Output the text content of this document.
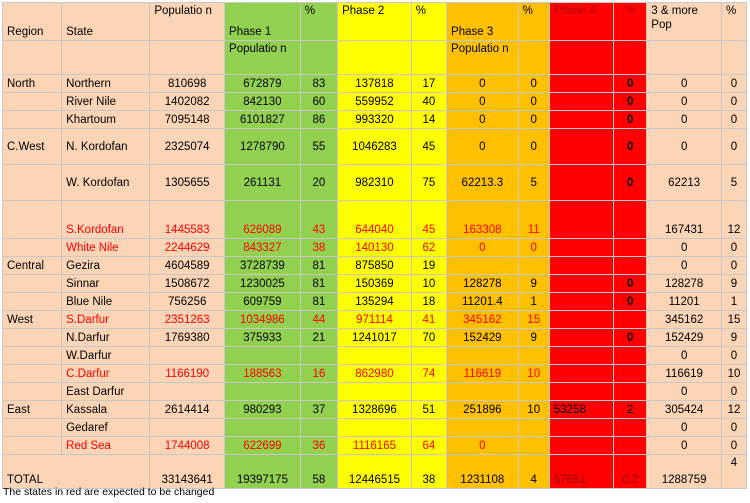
Region	State	Populatio n	Phase 1	%	Phase 2	%	Phase 3	%	Phase 4	%	3 & more Pop	%
			Populatio n				Populatio n					
North	Northern	810698	672879	83	137818	17	0	0	0	0	0	0
	River Nile	1402082	842130	60	559952	40	0	0	0	0	0	0
	Khartoum	7095148	6101827	86	993320	14	0	0	0	0	0	0
C.West	N. Kordofan	2325074	1278790	55	1046283	45	0	0	0	0	0	0
	W. Kordofan	1305655	261131	20	982310	75	62213.3	5	0	0	62213	5
	S.Kordofan	1445583	626089	43	644040	45	163308	11			167431	12
	White Nile	2244629	843327	38	140130	62	0	0	0	0	0	0
Central	Gezira	4604589	3728739	81	875850	19					0	0
	Sinnar	1508672	1230025	81	150369	10	128278	9	0	0	128278	9
	Blue Nile	756256	609759	81	135294	18	11201.4	1	0	0	11201	1
West	S.Darfur	2351263	1034986	44	971114	41	345162	15			345162	15
	N.Darfur	1769380	375933	21	1241017	70	152429	9	0	0	152429	9
	W.Darfur										0	0
	C.Darfur	1166190	188563	16	862980	74	116619	10			116619	10
	East Darfur										0	0
East	Kassala	2614414	980293	37	1328696	51	251896	10	53258	2	305424	12
	Gedaref										0	0
	Red Sea	1744008	622699	36	1116165	64	0				0	0
TOTAL		33143641	19397175	58	12446515	38	1231108	4	57651	0.2	1288759	4
The states in red are expected to be changed
